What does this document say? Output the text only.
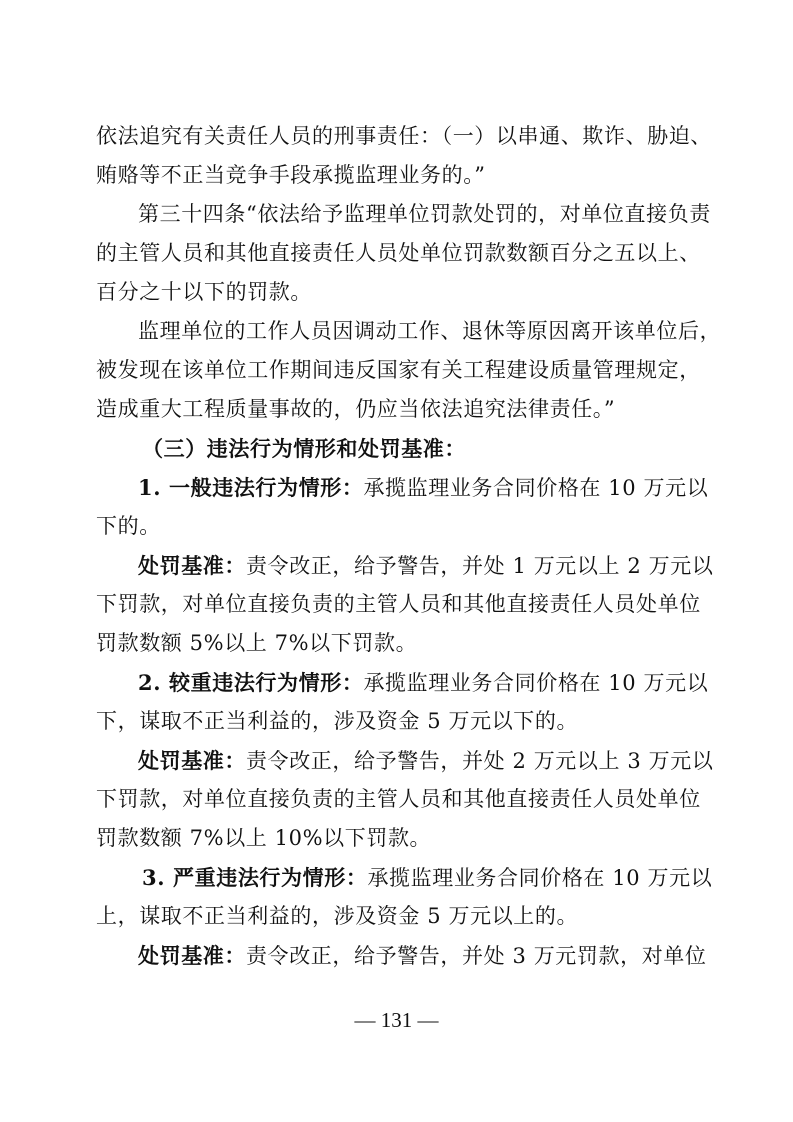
依法追究有关责任人员的刑事责任：（一）以串通、欺诈、胁迫、
贿赂等不正当竞争手段承揽监理业务的。”
第三十四条“依法给予监理单位罚款处罚的，对单位直接负责
的主管人员和其他直接责任人员处单位罚款数额百分之五以上、
百分之十以下的罚款。
监理单位的工作人员因调动工作、退休等原因离开该单位后，
被发现在该单位工作期间违反国家有关工程建设质量管理规定，
造成重大工程质量事故的，仍应当依法追究法律责任。”
（三）违法行为情形和处罚基准：
1. 一般违法行为情形：承揽监理业务合同价格在 10 万元以
下的。
处罚基准：责令改正，给予警告，并处 1 万元以上 2 万元以
下罚款，对单位直接负责的主管人员和其他直接责任人员处单位
罚款数额 5%以上 7%以下罚款。
2. 较重违法行为情形：承揽监理业务合同价格在 10 万元以
下，谋取不正当利益的，涉及资金 5 万元以下的。
处罚基准：责令改正，给予警告，并处 2 万元以上 3 万元以
下罚款，对单位直接负责的主管人员和其他直接责任人员处单位
罚款数额 7%以上 10%以下罚款。
3. 严重违法行为情形：承揽监理业务合同价格在 10 万元以
上，谋取不正当利益的，涉及资金 5 万元以上的。
处罚基准：责令改正，给予警告，并处 3 万元罚款，对单位
— 131 —
